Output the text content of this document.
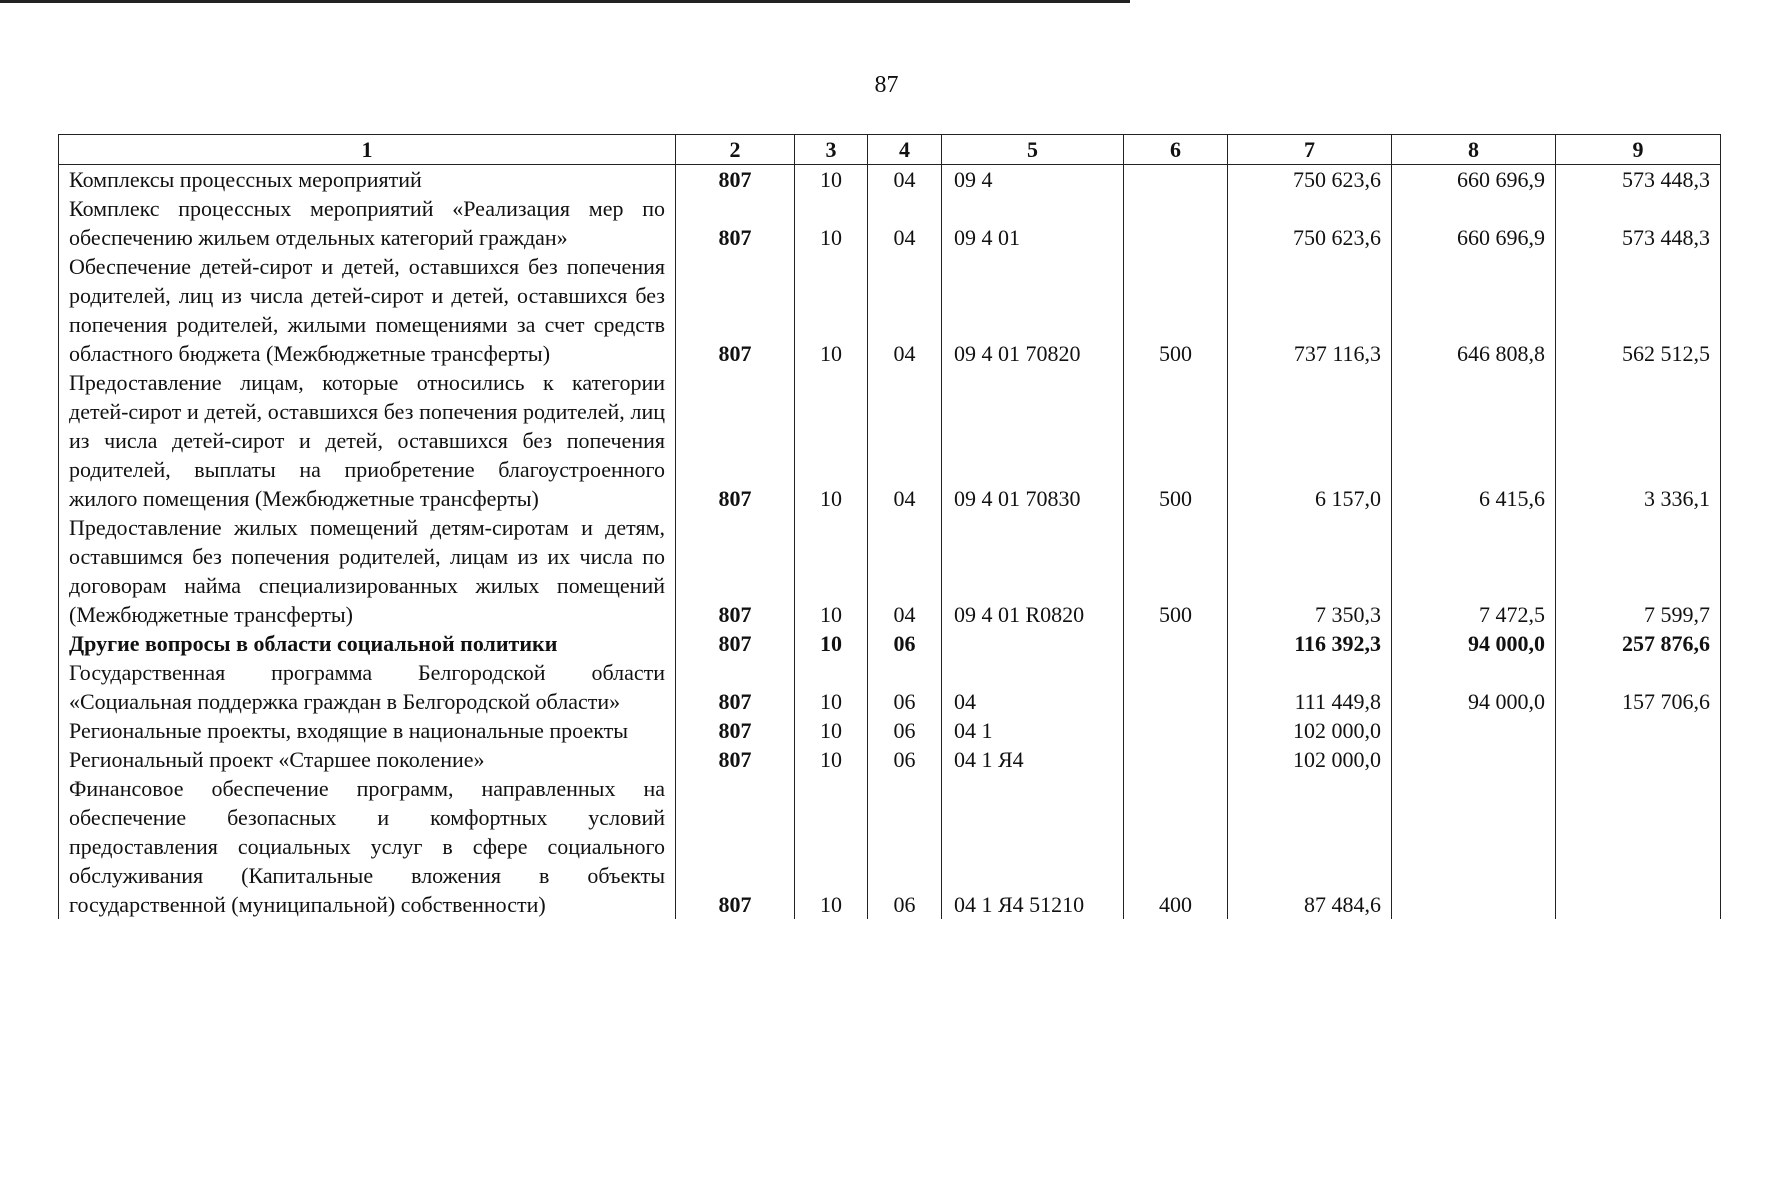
87
1	2	3	4	5	6	7	8	9
Комплексы процессных мероприятий	807	10	04	09 4		750 623,6	660 696,9	573 448,3
Комплекс процессных мероприятий «Реализация мер по обеспечению жильем отдельных категорий граждан»	807	10	04	09 4 01		750 623,6	660 696,9	573 448,3
Обеспечение детей-сирот и детей, оставшихся без попечения родителей, лиц из числа детей-сирот и детей, оставшихся без попечения родителей, жилыми помещениями за счет средств областного бюджета (Межбюджетные трансферты)	807	10	04	09 4 01 70820	500	737 116,3	646 808,8	562 512,5
Предоставление лицам, которые относились к категории детей-сирот и детей, оставшихся без попечения родителей, лиц из числа детей-сирот и детей, оставшихся без попечения родителей, выплаты на приобретение благоустроенного жилого помещения (Межбюджетные трансферты)	807	10	04	09 4 01 70830	500	6 157,0	6 415,6	3 336,1
Предоставление жилых помещений детям-сиротам и детям, оставшимся без попечения родителей, лицам из их числа по договорам найма специализированных жилых помещений (Межбюджетные трансферты)	807	10	04	09 4 01 R0820	500	7 350,3	7 472,5	7 599,7
Другие вопросы в области социальной политики	807	10	06			116 392,3	94 000,0	257 876,6
Государственная программа Белгородской области «Социальная поддержка граждан в Белгородской области»	807	10	06	04		111 449,8	94 000,0	157 706,6
Региональные проекты, входящие в национальные проекты	807	10	06	04 1		102 000,0		
Региональный проект «Старшее поколение»	807	10	06	04 1 Я4		102 000,0		
Финансовое обеспечение программ, направленных на обеспечение безопасных и комфортных условий предоставления социальных услуг в сфере социального обслуживания (Капитальные вложения в объекты государственной (муниципальной) собственности)	807	10	06	04 1 Я4 51210	400	87 484,6		
